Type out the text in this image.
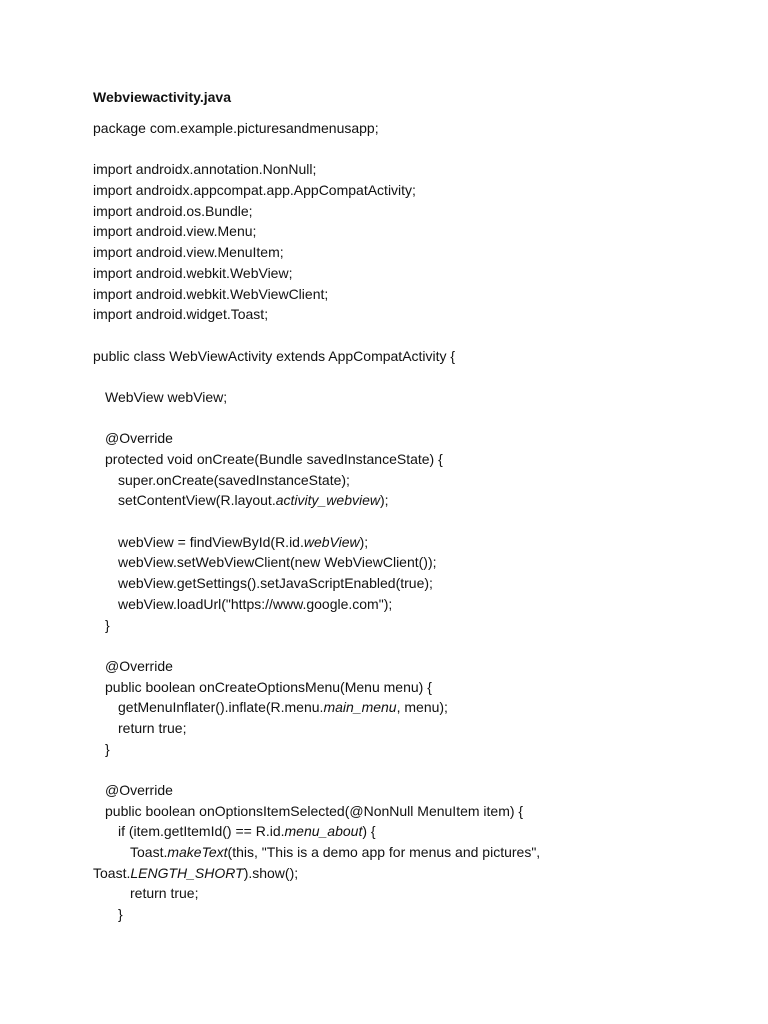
Webviewactivity.java
package com.example.picturesandmenusapp;
import androidx.annotation.NonNull;
import androidx.appcompat.app.AppCompatActivity;
import android.os.Bundle;
import android.view.Menu;
import android.view.MenuItem;
import android.webkit.WebView;
import android.webkit.WebViewClient;
import android.widget.Toast;
public class WebViewActivity extends AppCompatActivity {
WebView webView;
@Override
protected void onCreate(Bundle savedInstanceState) {
super.onCreate(savedInstanceState);
setContentView(R.layout.activity_webview);
webView = findViewById(R.id.webView);
webView.setWebViewClient(new WebViewClient());
webView.getSettings().setJavaScriptEnabled(true);
webView.loadUrl("https://www.google.com");
}
@Override
public boolean onCreateOptionsMenu(Menu menu) {
getMenuInflater().inflate(R.menu.main_menu, menu);
return true;
}
@Override
public boolean onOptionsItemSelected(@NonNull MenuItem item) {
if (item.getItemId() == R.id.menu_about) {
Toast.makeText(this, "This is a demo app for menus and pictures",
Toast.LENGTH_SHORT).show();
return true;
}
